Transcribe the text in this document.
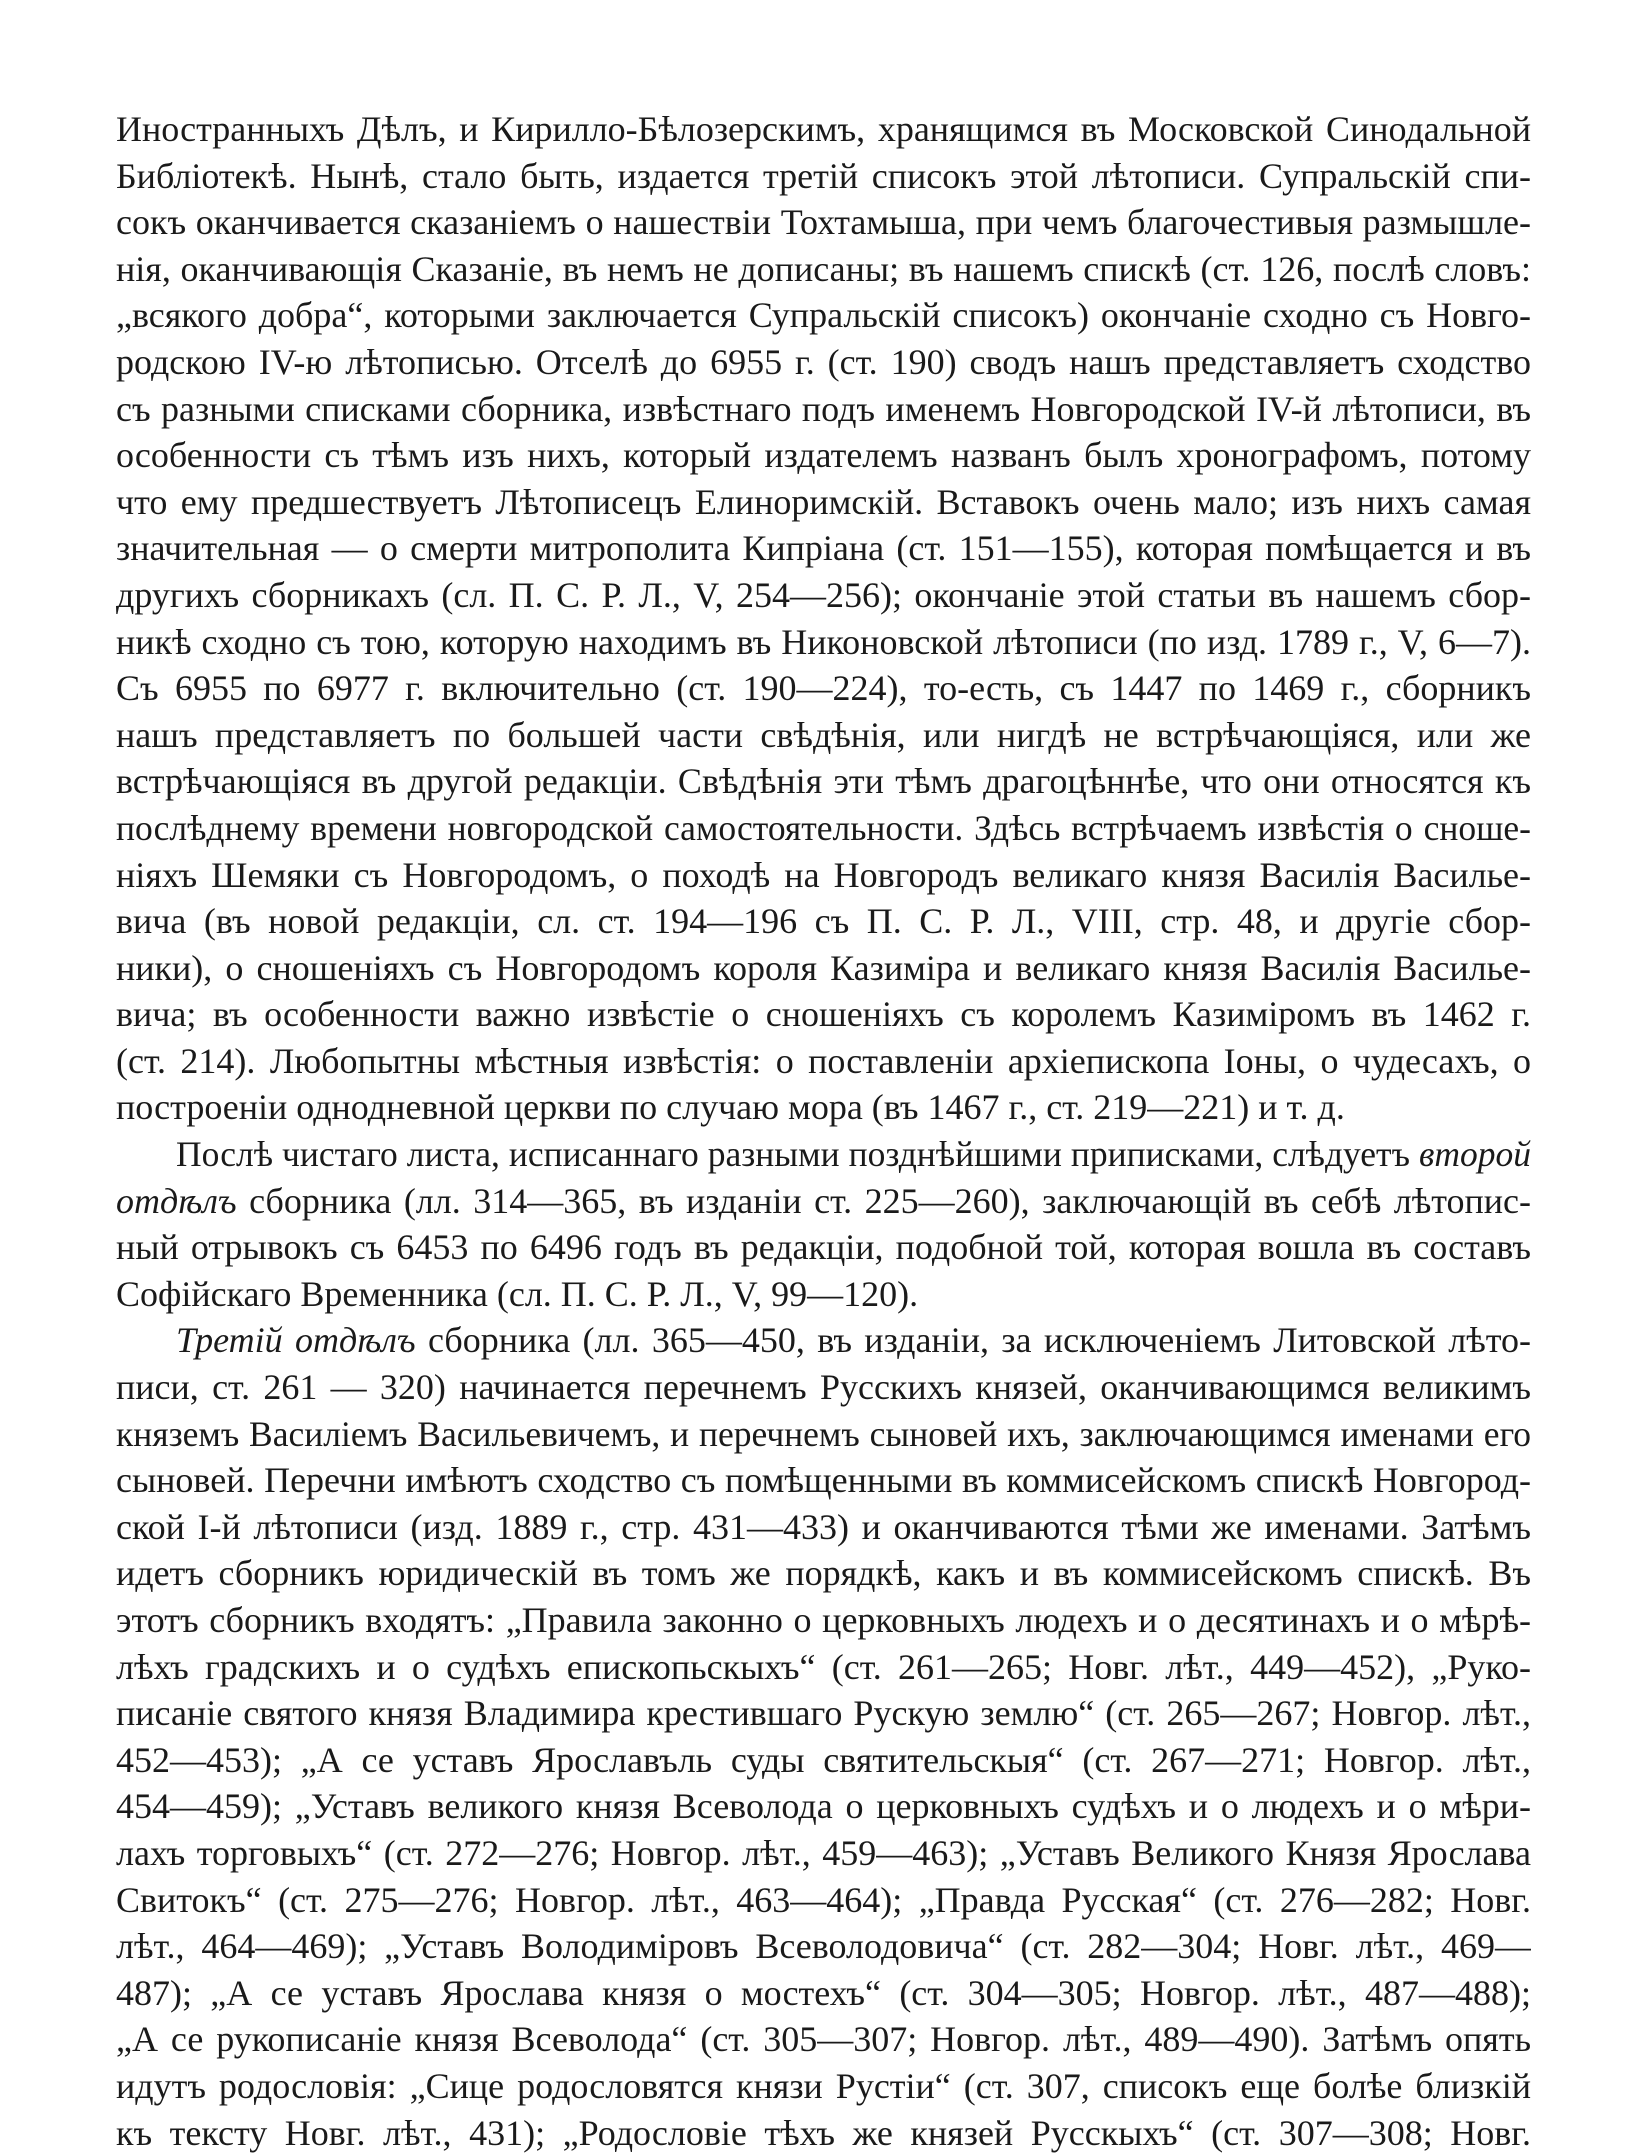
Иностранныхъ Дѣлъ, и Кирилло-Бѣлозерскимъ, хранящимся въ Московской Синодальной
Библіотекѣ. Нынѣ, стало быть, издается третій списокъ этой лѣтописи. Супральскій спи-
сокъ оканчивается сказаніемъ о нашествіи Тохтамыша, при чемъ благочестивыя размышле-
нія, оканчивающія Сказаніе, въ немъ не дописаны; въ нашемъ спискѣ (ст. 126, послѣ словъ:
„всякого добра“, которыми заключается Супральскій списокъ) окончаніе сходно съ Новго-
родскою IV-ю лѣтописью. Отселѣ до 6955 г. (ст. 190) сводъ нашъ представляетъ сходство
съ разными списками сборника, извѣстнаго подъ именемъ Новгородской IV-й лѣтописи, въ
особенности съ тѣмъ изъ нихъ, который издателемъ названъ былъ хронографомъ, потому
что ему предшествуетъ Лѣтописецъ Елиноримскій. Вставокъ очень мало; изъ нихъ самая
значительная — о смерти митрополита Кипріана (ст. 151—155), которая помѣщается и въ
другихъ сборникахъ (сл. П. С. Р. Л., V, 254—256); окончаніе этой статьи въ нашемъ сбор-
никѣ сходно съ тою, которую находимъ въ Никоновской лѣтописи (по изд. 1789 г., V, 6—7).
Съ 6955 по 6977 г. включительно (ст. 190—224), то-есть, съ 1447 по 1469 г., сборникъ
нашъ представляетъ по большей части свѣдѣнія, или нигдѣ не встрѣчающіяся, или же
встрѣчающіяся въ другой редакціи. Свѣдѣнія эти тѣмъ драгоцѣннѣе, что они относятся къ
послѣднему времени новгородской самостоятельности. Здѣсь встрѣчаемъ извѣстія о сноше-
ніяхъ Шемяки съ Новгородомъ, о походѣ на Новгородъ великаго князя Василія Василье-
вича (въ новой редакціи, сл. ст. 194—196 съ П. С. Р. Л., VIII, стр. 48, и другіе сбор-
ники), о сношеніяхъ съ Новгородомъ короля Казиміра и великаго князя Василія Василье-
вича; въ особенности важно извѣстіе о сношеніяхъ съ королемъ Казиміромъ въ 1462 г.
(ст. 214). Любопытны мѣстныя извѣстія: о поставленіи архіепископа Іоны, о чудесахъ, о
построеніи однодневной церкви по случаю мора (въ 1467 г., ст. 219—221) и т. д.
Послѣ чистаго листа, исписаннаго разными позднѣйшими приписками, слѣдуетъ второй
отдѣлъ сборника (лл. 314—365, въ изданіи ст. 225—260), заключающій въ себѣ лѣтопис-
ный отрывокъ съ 6453 по 6496 годъ въ редакціи, подобной той, которая вошла въ составъ
Софійскаго Временника (сл. П. С. Р. Л., V, 99—120).
Третій отдѣлъ сборника (лл. 365—450, въ изданіи, за исключеніемъ Литовской лѣто-
писи, ст. 261 — 320) начинается перечнемъ Русскихъ князей, оканчивающимся великимъ
княземъ Василіемъ Васильевичемъ, и перечнемъ сыновей ихъ, заключающимся именами его
сыновей. Перечни имѣютъ сходство съ помѣщенными въ коммисейскомъ спискѣ Новгород-
ской I-й лѣтописи (изд. 1889 г., стр. 431—433) и оканчиваются тѣми же именами. Затѣмъ
идетъ сборникъ юридическій въ томъ же порядкѣ, какъ и въ коммисейскомъ спискѣ. Въ
этотъ сборникъ входятъ: „Правила законно о церковныхъ людехъ и о десятинахъ и о мѣрѣ-
лѣхъ градскихъ и о судѣхъ епископьскыхъ“ (ст. 261—265; Новг. лѣт., 449—452), „Руко-
писаніе святого князя Владимира крестившаго Рускую землю“ (ст. 265—267; Новгор. лѣт.,
452—453); „А се уставъ Ярославъль суды святительскыя“ (ст. 267—271; Новгор. лѣт.,
454—459); „Уставъ великого князя Всеволода о церковныхъ судѣхъ и о людехъ и о мѣри-
лахъ торговыхъ“ (ст. 272—276; Новгор. лѣт., 459—463); „Уставъ Великого Князя Ярослава
Свитокъ“ (ст. 275—276; Новгор. лѣт., 463—464); „Правда Русская“ (ст. 276—282; Новг.
лѣт., 464—469); „Уставъ Володиміровъ Всеволодовича“ (ст. 282—304; Новг. лѣт., 469—
487); „А се уставъ Ярослава князя о мостехъ“ (ст. 304—305; Новгор. лѣт., 487—488);
„А се рукописаніе князя Всеволода“ (ст. 305—307; Новгор. лѣт., 489—490). Затѣмъ опять
идутъ родословія: „Сице родословятся князи Рустіи“ (ст. 307, списокъ еще болѣе близкій
къ тексту Новг. лѣт., 431); „Родословіе тѣхъ же князей Русскыхъ“ (ст. 307—308; Новг.
